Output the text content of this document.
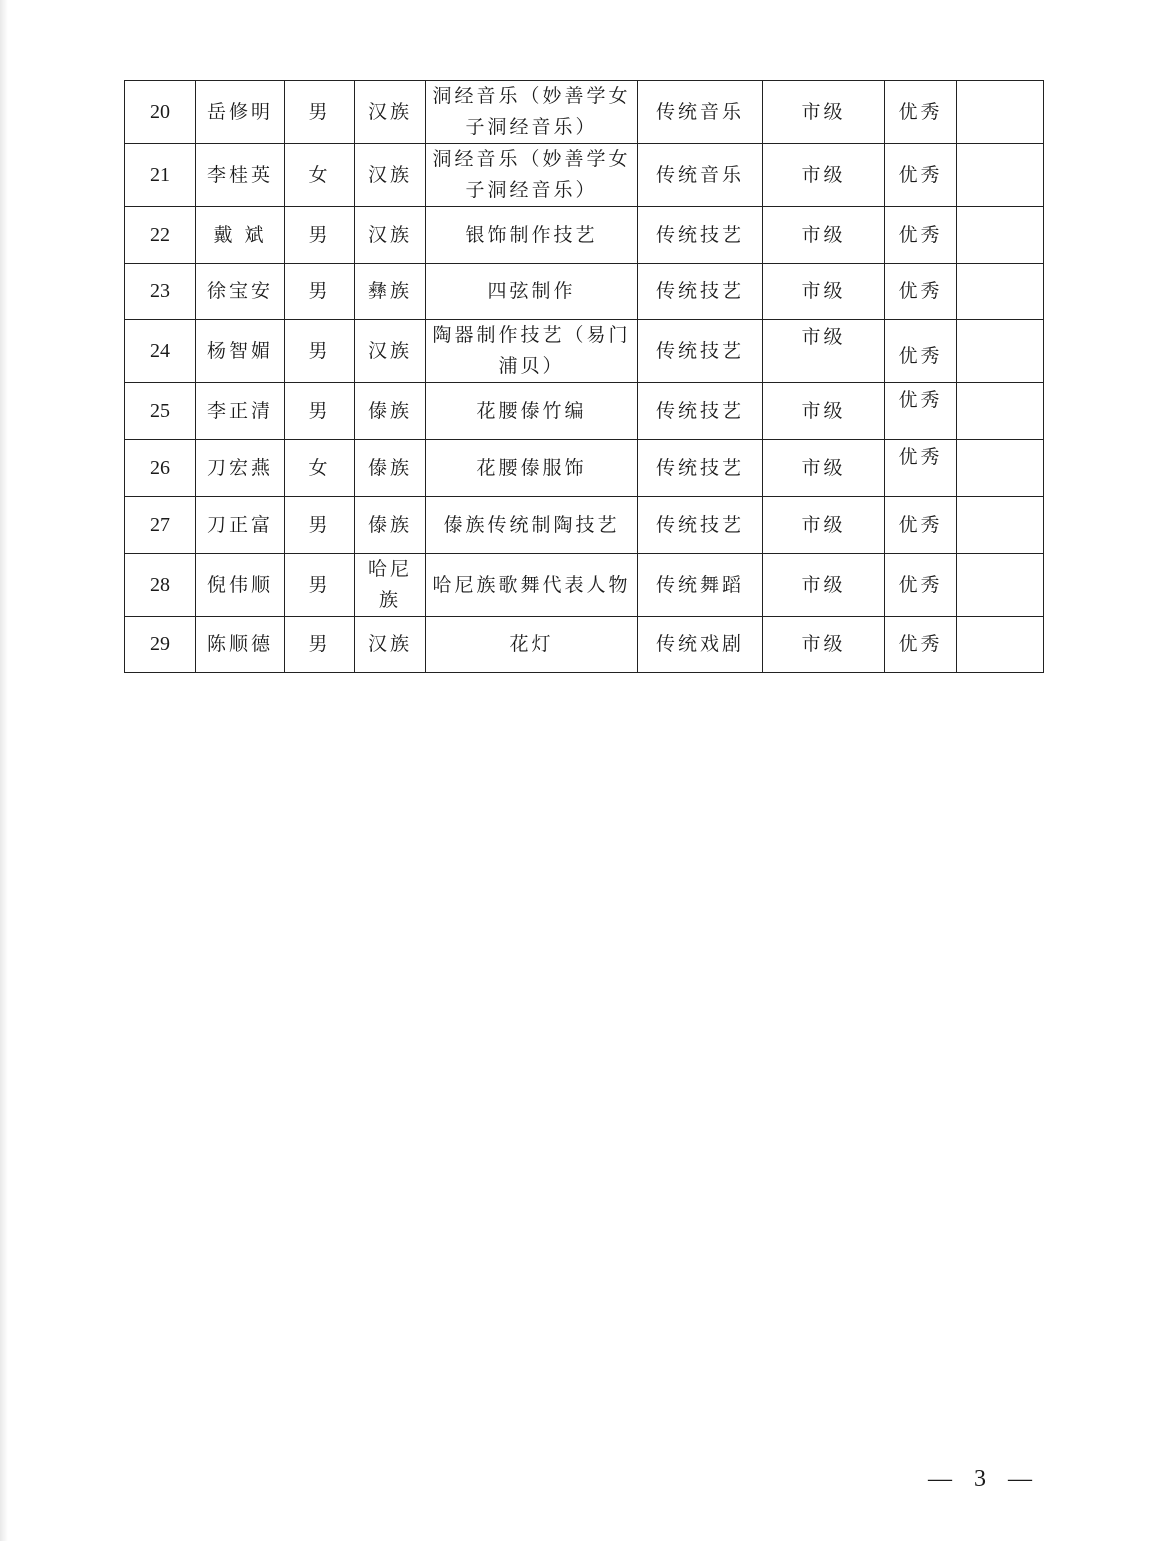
20	岳修明	男	汉族	洞经音乐（妙善学女子洞经音乐）	传统音乐	市级	优秀	
21	李桂英	女	汉族	洞经音乐（妙善学女子洞经音乐）	传统音乐	市级	优秀	
22	戴 斌	男	汉族	银饰制作技艺	传统技艺	市级	优秀	
23	徐宝安	男	彝族	四弦制作	传统技艺	市级	优秀	
24	杨智媚	男	汉族	陶器制作技艺（易门浦贝）	传统技艺	市级	优秀	
25	李正清	男	傣族	花腰傣竹编	传统技艺	市级	优秀	
26	刀宏燕	女	傣族	花腰傣服饰	传统技艺	市级	优秀	
27	刀正富	男	傣族	傣族传统制陶技艺	传统技艺	市级	优秀	
28	倪伟顺	男	哈尼族	哈尼族歌舞代表人物	传统舞蹈	市级	优秀	
29	陈顺德	男	汉族	花灯	传统戏剧	市级	优秀	
— 3 —
